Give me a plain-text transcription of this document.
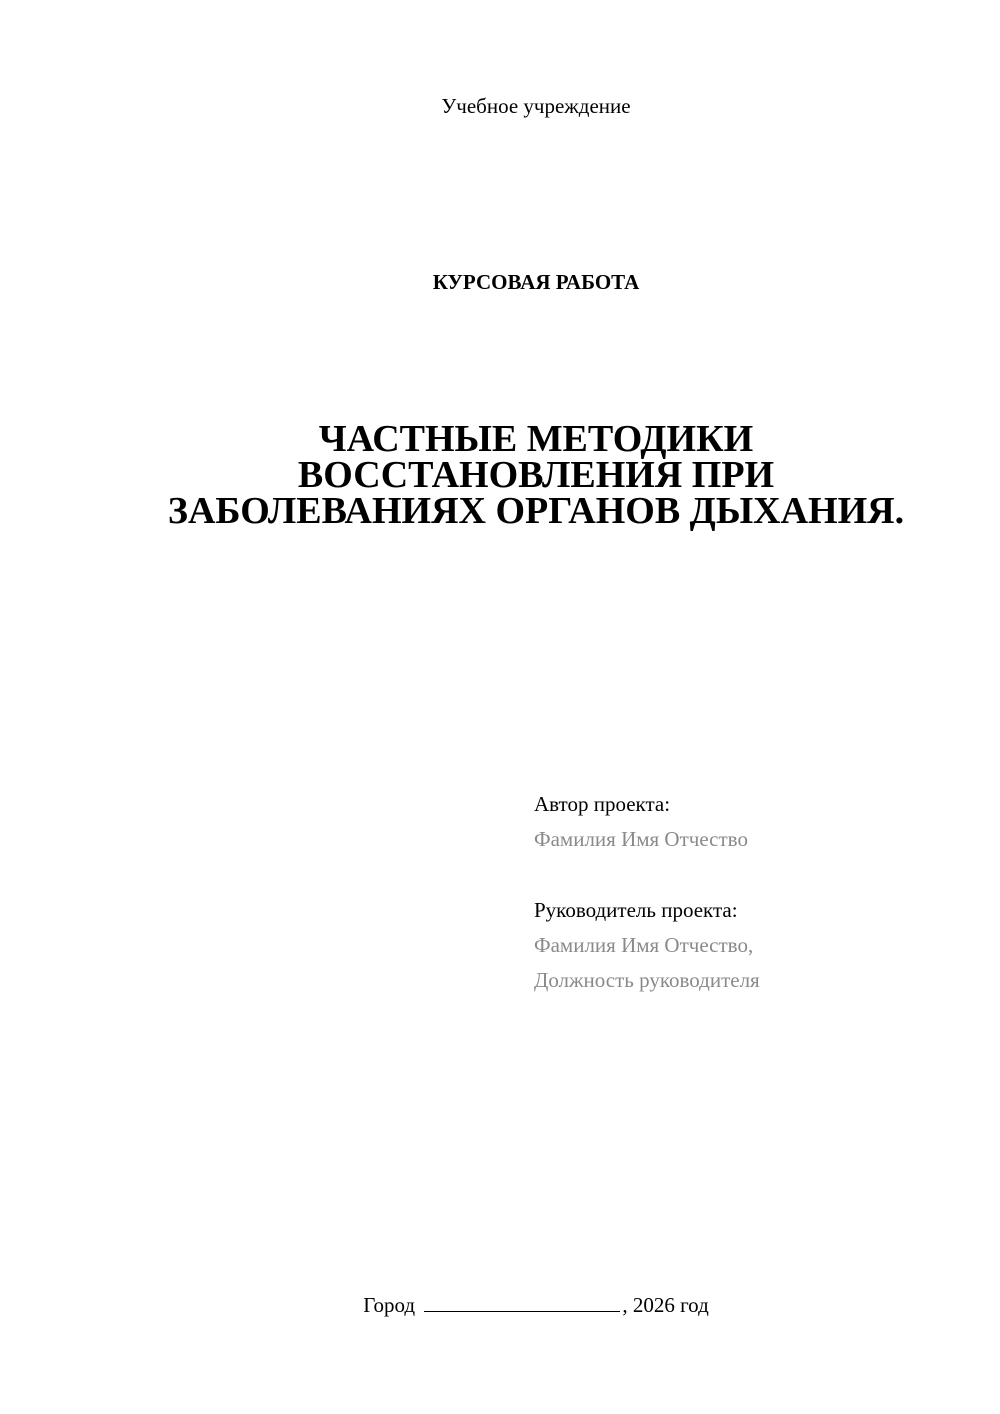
Учебное учреждение
КУРСОВАЯ РАБОТА
ЧАСТНЫЕ МЕТОДИКИ
ВОССТАНОВЛЕНИЯ ПРИ
ЗАБОЛЕВАНИЯХ ОРГАНОВ ДЫХАНИЯ.
Автор проекта:
Фамилия Имя Отчество
Руководитель проекта:
Фамилия Имя Отчество,
Должность руководителя
Город	, 2026 год
